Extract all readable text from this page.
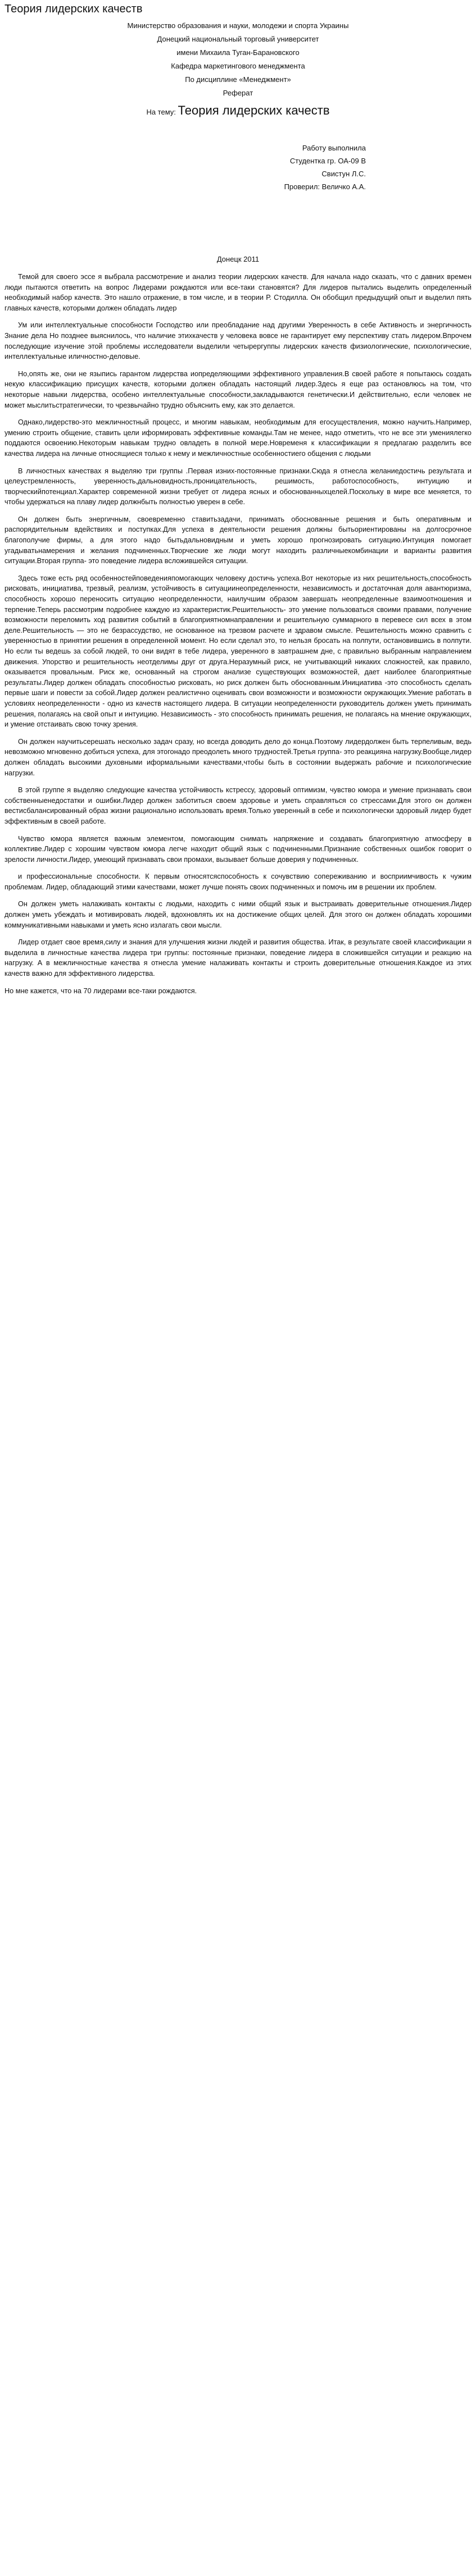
Теория лидерских качеств
Министерство образования и науки, молодежи и спорта Украины
Донецкий национальный торговый университет
имени Михаила Туган-Барановского
Кафедра маркетингового менеджмента
По дисциплине «Менеджмент»
Реферат
На тему: Теория лидерских качеств
Работу выполнила
Студентка гр. ОА-09 В
Свистун Л.С.
Проверил: Величко А.А.
Донецк 2011

Темой для своего эссе я выбрала рассмотрение и анализ теории лидерских качеств. Для начала надо сказать, что с давних времен люди пытаются ответить на вопрос Лидерами рождаются или все-таки становятся? Для лидеров пытались выделить определенный необходимый набор качеств. Это нашло отражение, в том числе, и в теории Р. Стодилла. Он обобщил предыдущий опыт и выделил пять главных качеств, которыми должен обладать лидер

Ум или интеллектуальные способности Господство или преобладание над другими Уверенность в себе Активность и энергичность Знание дела Но позднее выяснилось, что наличие этихкачеств у человека вовсе не гарантирует ему перспективу стать лидером.Впрочем последующие изучение этой проблемы исследователи выделили четырергуппы лидерских качеств физиологические, психологические, интеллектуальные иличностно-деловые.

Но,опять же, они не языпись гарантом лидерства иопределяющими эффективного управления.В своей работе я попытаюсь создать некую классификацию присущих качеств, которыми должен обладать настоящий лидер.Здесь я еще раз остановлюсь на том, что некоторые навыки лидерства, особено интеллектуальные способности,закладываются генетически.И действительно, если человек не может мыслитьстратегически, то чрезвычайно трудно объяснить ему, как это делается.

Однако,лидерство-это межличностный процесс, и многим навыкам, необходимым для егосуществления, можно научить.Например, умению строить общение, ставить цели иформировать эффективные команды.Там не менее, надо отметить, что не все эти умениялегко поддаются освоению.Некоторым навыкам трудно овладеть в полной мере.Новременя к классификации я предлагаю разделить все качества лидера на личные относящиеся только к нему и межличностные особенностиего общения с людьми

В личностных качествах я выделяю три группы .Первая изних-постоянные признаки.Сюда я отнесла желаниедостичь результата и целеустремленность, уверенность,дальновидность,проницательность, решимость, работоспособность, интуицию и творческийпотенциал.Характер современной жизни требует от лидера ясных и обоснованныхцелей.Поскольку в мире все меняется, то чтобы удержаться на плаву лидер должнбыть полностью уверен в себе.

Он должен быть энергичным, своевременно ставитьзадачи, принимать обоснованные решения и быть оперативным и распорядительным вдействиях и поступках.Для успеха в деятельности решения должны бытьориентированы на долгосрочное благополучие фирмы, а для этого надо бытьдальновидным и уметь хорошо прогнозировать ситуацию.Интуиция помогает угадыватьнамерения и желания подчиненных.Творческие же люди могут находить различныекомбинации и варианты развития ситуации.Вторая группа- это поведение лидера всложившейся ситуации.

Здесь тоже есть ряд особенностейповеденияпомогающих человеку достичь успеха.Вот некоторые из них решительность,способность рисковать, инициатива, трезвый, реализм, устойчивость в ситуациинеопределенности, независимость и достаточная доля авантюризма, способность хорошо переносить ситуацию неопределенности, наилучшим образом завершать неопределенные взаимоотношения и терпение.Теперь рассмотрим подробнее каждую из характеристик.Решительность- это умение пользоваться своими правами, получение возможности переломить ход развития событий в благоприятномнаправлении и решительную суммарного в перевесе сил всех в этом деле.Решительность — это не безрассудство, не основанное на трезвом расчете и здравом смысле. Решительность можно сравнить с уверенностью в принятии решения в определенной момент. Но если сделал это, то нельзя бросать на полпути, остановившись в полпути. Но если ты ведешь за собой людей, то они видят в тебе лидера, уверенного в завтрашнем дне, с правильно выбранным направлением движения. Упорство и решительность неотделимы друг от друга.Неразумный риск, не учитывающий никаких сложностей, как правило, оказывается провальным. Риск же, основанный на строгом анализе существующих возможностей, дает наиболее благоприятные результаты.Лидер должен обладать способностью рисковать, но риск должен быть обоснованным.Инициатива -это способность сделать первые шаги и повести за собой.Лидер должен реалистично оценивать свои возможности и возможности окружающих.Умение работать в условиях неопределенности - одно из качеств настоящего лидера. В ситуации неопределенности руководитель должен уметь принимать решения, полагаясь на свой опыт и интуицию. Независимость - это способность принимать решения, не полагаясь на мнение окружающих, и умение отстаивать свою точку зрения.

Он должен научитьсерешать несколько задач сразу, но всегда доводить дело до конца.Поэтому лидердолжен быть терпеливым, ведь невозможно мгновенно добиться успеха, для этогонадо преодолеть много трудностей.Третья группа- это реакцияна нагрузку.Вообще,лидер должен обладать высокими духовными иформальными качествами,чтобы быть в состоянии выдержать рабочие и психологические нагрузки.

В этой группе я выделяю следующие качества устойчивость кстрессу, здоровый оптимизм, чувство юмора и умение признавать свои собственныенедостатки и ошибки.Лидер должен заботиться своем здоровье и уметь справляться со стрессами.Для этого он должен вестисбалансированный образ жизни рационально использовать время.Только уверенный в себе и психологически здоровый лидер будет эффективным в своей работе.

Чувство юмора является важным элементом, помогающим снимать напряжение и создавать благоприятную атмосферу в коллективе.Лидер с хорошим чувством юмора легче находит общий язык с подчиненными.Признание собственных ошибок говорит о зрелости личности.Лидер, умеющий признавать свои промахи, вызывает больше доверия у подчиненных.

и профессиональные способности. К первым относятсяспособность к сочувствию сопереживанию и восприимчивость к чужим проблемам. Лидер, обладающий этими качествами, может лучше понять своих подчиненных и помочь им в решении их проблем.

Он должен уметь налаживать контакты с людьми, находить с ними общий язык и выстраивать доверительные отношения.Лидер должен уметь убеждать и мотивировать людей, вдохновлять их на достижение общих целей. Для этого он должен обладать хорошими коммуникативными навыками и уметь ясно излагать свои мысли.

Лидер отдает свое время,силу и знания для улучшения жизни людей и развития общества. Итак, в результате своей классификации я выделила в личностные качества лидера три группы: постоянные признаки, поведение лидера в сложившейся ситуации и реакцию на нагрузку. А в межличностные качества я отнесла умение налаживать контакты и строить доверительные отношения.Каждое из этих качеств важно для эффективного лидерства.

Но мне кажется, что на 70 лидерами все-таки рождаются.
